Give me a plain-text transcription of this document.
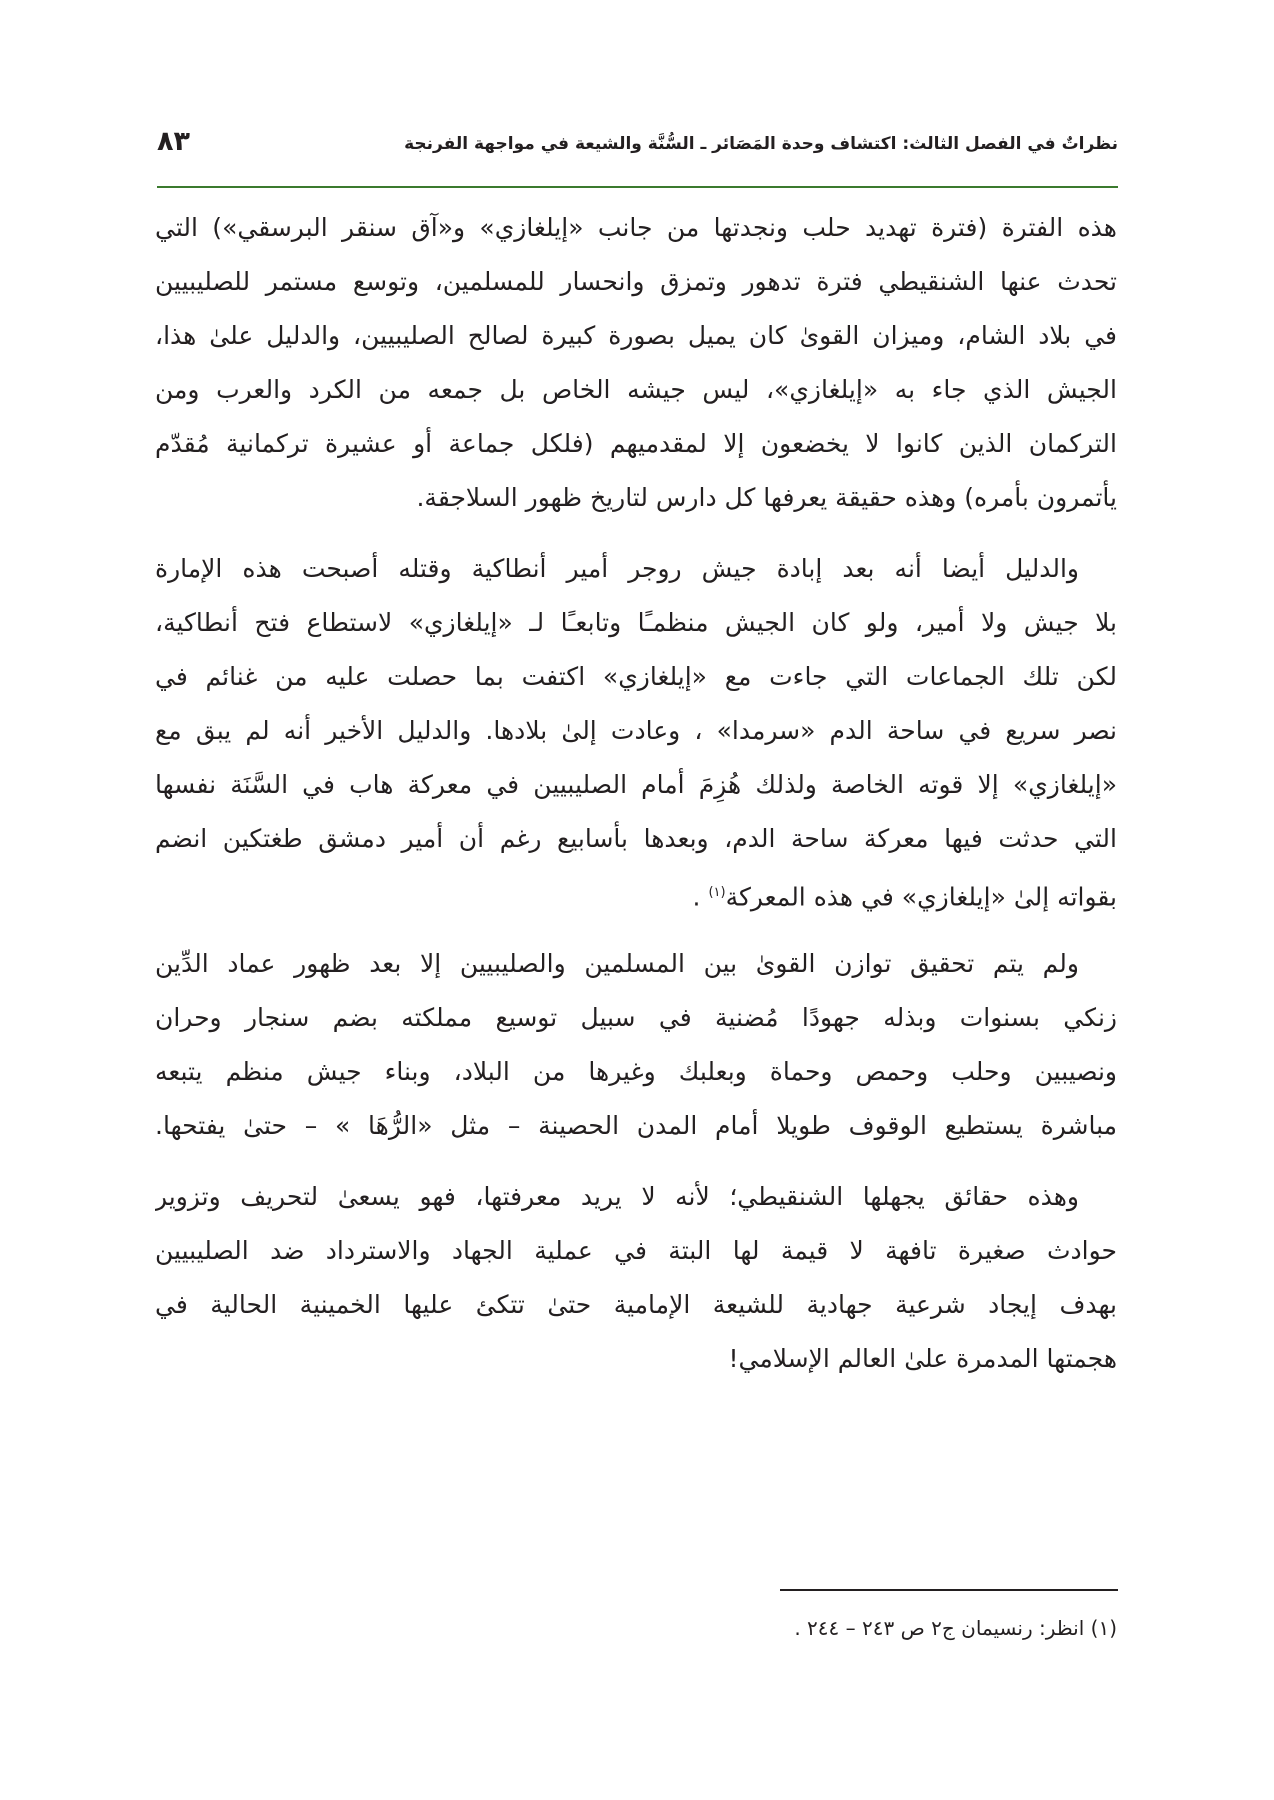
نظراتٌ في الفصل الثالث: اكتشاف وحدة المَصَائر ـ السُّنَّة والشيعة في مواجهة الفرنجة
٨٣

هذه الفترة (فترة تهديد حلب ونجدتها من جانب «إيلغازي» و«آق سنقر البرسقي») التي
تحدث عنها الشنقيطي فترة تدهور وتمزق وانحسار للمسلمين، وتوسع مستمر للصليبيين
في بلاد الشام، وميزان القوىٰ كان يميل بصورة كبيرة لصالح الصليبيين، والدليل علىٰ هذا،
الجيش الذي جاء به «إيلغازي»، ليس جيشه الخاص بل جمعه من الكرد والعرب ومن
التركمان الذين كانوا لا يخضعون إلا لمقدميهم (فلكل جماعة أو عشيرة تركمانية مُقدّم
يأتمرون بأمره) وهذه حقيقة يعرفها كل دارس لتاريخ ظهور السلاجقة.

والدليل أيضا أنه بعد إبادة جيش روجر أمير أنطاكية وقتله أصبحت هذه الإمارة
بلا جيش ولا أمير، ولو كان الجيش منظمـًا وتابعـًا لـ «إيلغازي» لاستطاع فتح أنطاكية،
لكن تلك الجماعات التي جاءت مع «إيلغازي» اكتفت بما حصلت عليه من غنائم في
نصر سريع في ساحة الدم «سرمدا» ، وعادت إلىٰ بلادها. والدليل الأخير أنه لم يبق مع
«إيلغازي» إلا قوته الخاصة ولذلك هُزِمَ أمام الصليبيين في معركة هاب في السَّنَة نفسها
التي حدثت فيها معركة ساحة الدم، وبعدها بأسابيع رغم أن أمير دمشق طغتكين انضم
بقواته إلىٰ «إيلغازي» في هذه المعركة$^{(١)}$ .

ولم يتم تحقيق توازن القوىٰ بين المسلمين والصليبيين إلا بعد ظهور عماد الدِّين
زنكي بسنوات وبذله جهودًا مُضنية في سبيل توسيع مملكته بضم سنجار وحران
ونصيبين وحلب وحمص وحماة وبعلبك وغيرها من البلاد، وبناء جيش منظم يتبعه
مباشرة يستطيع الوقوف طويلا أمام المدن الحصينة – مثل «الرُّهَا » – حتىٰ يفتحها.

وهذه حقائق يجهلها الشنقيطي؛ لأنه لا يريد معرفتها، فهو يسعىٰ لتحريف وتزوير
حوادث صغيرة تافهة لا قيمة لها البتة في عملية الجهاد والاسترداد ضد الصليبيين
بهدف إيجاد شرعية جهادية للشيعة الإمامية حتىٰ تتكئ عليها الخمينية الحالية في
هجمتها المدمرة علىٰ العالم الإسلامي!

(١) انظر: رنسيمان ج٢ ص ٢٤٣ – ٢٤٤ .
